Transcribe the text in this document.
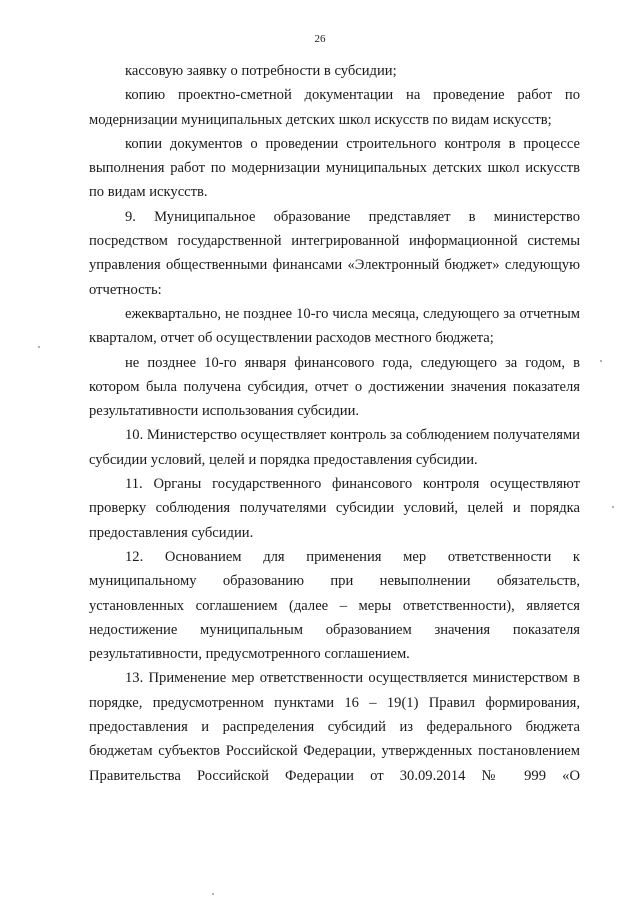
26

кассовую заявку о потребности в субсидии;

копию проектно-сметной документации на проведение работ по модернизации муниципальных детских школ искусств по видам искусств;

копии документов о проведении строительного контроля в процессе выполнения работ по модернизации муниципальных детских школ искусств по видам искусств.

9. Муниципальное образование представляет в министерство посредством государственной интегрированной информационной системы управления общественными финансами «Электронный бюджет» следующую отчетность:

ежеквартально, не позднее 10-го числа месяца, следующего за отчетным кварталом, отчет об осуществлении расходов местного бюджета;

не позднее 10-го января финансового года, следующего за годом, в котором была получена субсидия, отчет о достижении значения показателя результативности использования субсидии.

10. Министерство осуществляет контроль за соблюдением получателями субсидии условий, целей и порядка предоставления субсидии.

11. Органы государственного финансового контроля осуществляют проверку соблюдения получателями субсидии условий, целей и порядка предоставления субсидии.

12. Основанием для применения мер ответственности к муниципальному образованию при невыполнении обязательств, установленных соглашением (далее – меры ответственности), является недостижение муниципальным образованием значения показателя результативности, предусмотренного соглашением.

13. Применение мер ответственности осуществляется министерством в порядке, предусмотренном пунктами 16 – 19(1) Правил формирования, предоставления и распределения субсидий из федерального бюджета бюджетам субъектов Российской Федерации, утвержденных постановлением Правительства Российской Федерации от 30.09.2014 № 999 «О
